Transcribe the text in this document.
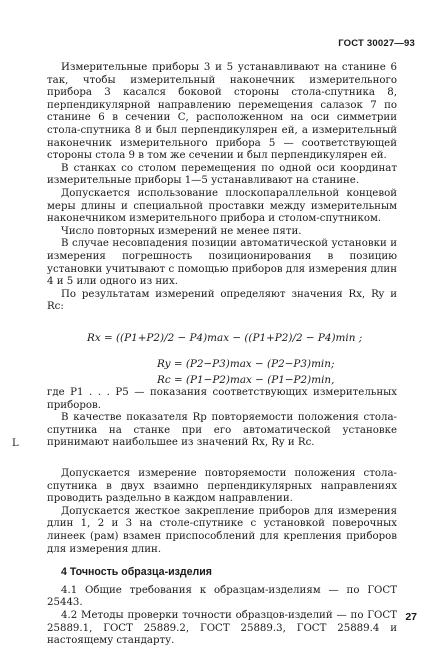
ГОСТ 30027—93

Измерительные приборы 3 и 5 устанавливают на станине 6 так, чтобы измерительный наконечник измерительного прибора 3 касался боковой стороны стола-спутника 8, перпендикулярной направлению перемещения салазок 7 по станине 6 в сечении С, расположенном на оси симметрии стола-спутника 8 и был перпендикулярен ей, а измерительный наконечник измерительного прибора 5 — соответствующей стороны стола 9 в том же сечении и был перпендикулярен ей.

В станках со столом перемещения по одной оси координат измерительные приборы 1—5 устанавливают на станине.

Допускается использование плоскопараллельной концевой меры длины и специальной проставки между измерительным наконечником измерительного прибора и столом-спутником.

Число повторных измерений не менее пяти.

В случае несовпадения позиции автоматической установки и измерения погрешность позиционирования в позицию установки учитывают с помощью приборов для измерения длин 4 и 5 или одного из них.

По результатам измерений определяют значения Rx, Ry и Rc:

Rx = ((P1+P2)/2 − P4)max − ((P1+P2)/2 − P4)min ;
Ry = (P2−P3)max − (P2−P3)min;
Rc = (P1−P2)max − (P1−P2)min,

где P1 . . . P5 — показания соответствующих измерительных приборов.

В качестве показателя Rp повторяемости положения стола-спутника на станке при его автоматической установке принимают наибольшее из значений Rx, Ry и Rc.

Допускается измерение повторяемости положения стола-спутника в двух взаимно перпендикулярных направлениях проводить раздельно в каждом направлении.

Допускается жесткое закрепление приборов для измерения длин 1, 2 и 3 на столе-спутнике с установкой поверочных линеек (рам) взамен приспособлений для крепления приборов для измерения длин.

4 Точность образца-изделия

4.1 Общие требования к образцам-изделиям — по ГОСТ 25443.

4.2 Методы проверки точности образцов-изделий — по ГОСТ 25889.1, ГОСТ 25889.2, ГОСТ 25889.3, ГОСТ 25889.4 и настоящему стандарту.

L
27
